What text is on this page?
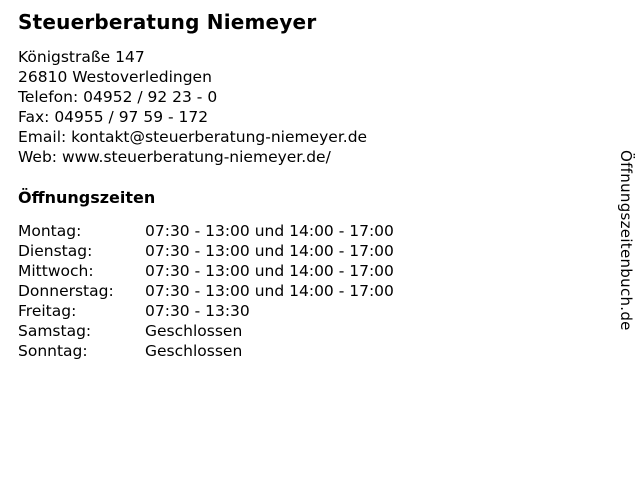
Steuerberatung Niemeyer
Königstraße 147
26810 Westoverledingen
Telefon: 04952 / 92 23 - 0
Fax: 04955 / 97 59 - 172
Email: kontakt@steuerberatung-niemeyer.de
Web: www.steuerberatung-niemeyer.de/
Öffnungszeiten
Montag:	07:30 - 13:00 und 14:00 - 17:00
Dienstag:	07:30 - 13:00 und 14:00 - 17:00
Mittwoch:	07:30 - 13:00 und 14:00 - 17:00
Donnerstag:	07:30 - 13:00 und 14:00 - 17:00
Freitag:	07:30 - 13:30
Samstag:	Geschlossen
Sonntag:	Geschlossen
Öffnungszeitenbuch.de
